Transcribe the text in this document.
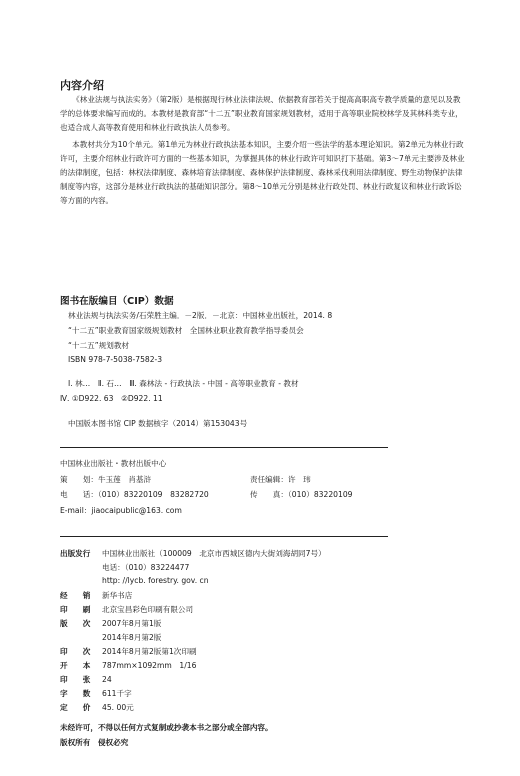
内容介绍

《林业法规与执法实务》（第2版）是根据现行林业法律法规、依据教育部若关于提高高职高专教学质量的意见以及教学的总体要求编写而成的。本教材是教育部“十二五”职业教育国家规划教材，适用于高等职业院校林学及其林科类专业，也适合成人高等教育使用和林业行政执法人员参考。

本教材共分为10个单元。第1单元为林业行政执法基本知识，主要介绍一些法学的基本理论知识。第2单元为林业行政许可，主要介绍林业行政许可方面的一些基本知识，为掌握具体的林业行政许可知识打下基础。第3～7单元主要涉及林业的法律制度，包括：林权法律制度、森林培育法律制度、森林保护法律制度、森林采伐利用法律制度、野生动物保护法律制度等内容，这部分是林业行政执法的基础知识部分。第8～10单元分别是林业行政处罚、林业行政复议和林业行政诉讼等方面的内容。

图书在版编目（CIP）数据
林业法规与执法实务/石荣胜主编．－2版．－北京：中国林业出版社，2014. 8
“十二五”职业教育国家级规划教材　全国林业职业教育教学指导委员会
“十二五”规划教材
ISBN 978-7-5038-7582-3
Ⅰ. 林…　Ⅱ. 石…　Ⅲ. 森林法 - 行政执法 - 中国 - 高等职业教育 - 教材
Ⅳ. ①D922. 63　②D922. 11
中国版本图书馆 CIP 数据核字（2014）第153043号
中国林业出版社・教材出版中心
策　　划：牛玉莲　肖基浒	责任编辑：许　玮
电　　话：（010）83220109　83282720	传　　真：（010）83220109
E-mail：jiaocaipublic@163. com
出版发行 中国林业出版社（100009　北京市西城区德内大街刘海胡同7号）
电话：（010）83224477
http: //lycb. forestry. gov. cn
经　　销 新华书店
印　　刷 北京宝昌彩色印刷有限公司
版　　次 2007年8月第1版
2014年8月第2版
印　　次 2014年8月第2版第1次印刷
开　　本 787mm×1092mm　1/16
印　　张 24
字　　数 611千字
定　　价 45. 00元
未经许可，不得以任何方式复制或抄袭本书之部分或全部内容。
版权所有　侵权必究
